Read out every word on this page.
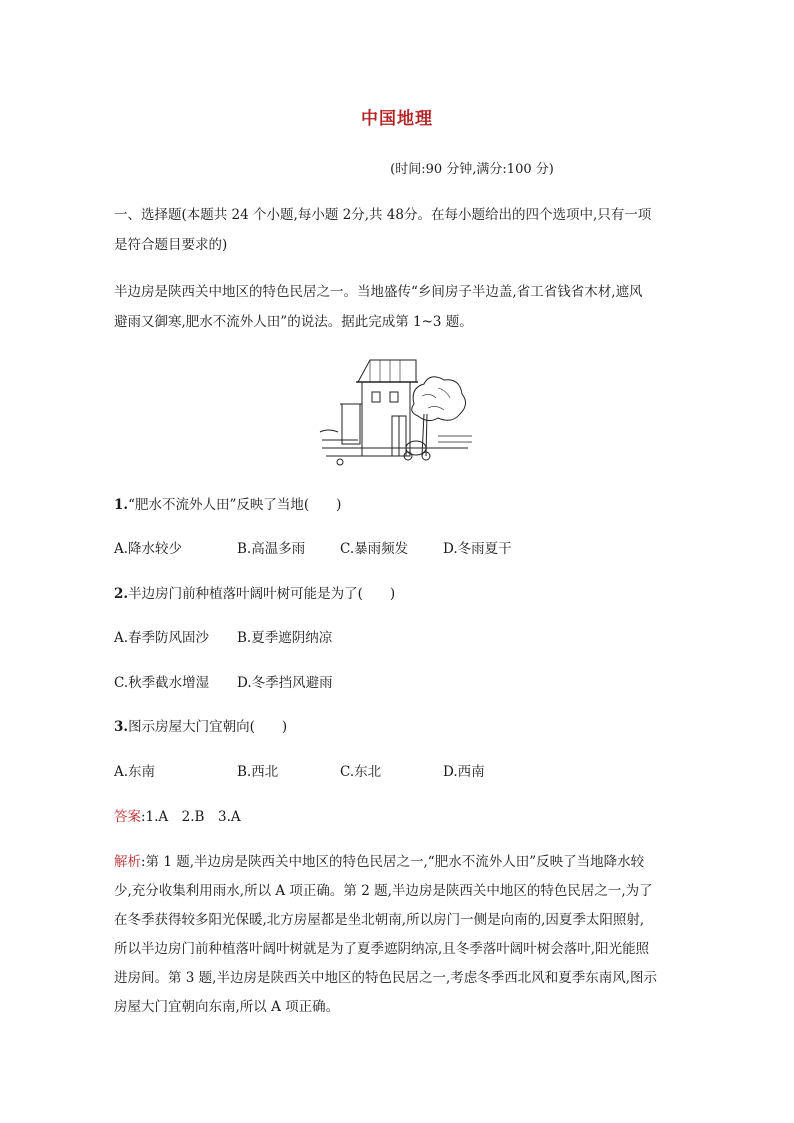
中国地理
(时间:90 分钟,满分:100 分)
一、选择题(本题共 24 个小题,每小题 2分,共 48分。在每小题给出的四个选项中,只有一项
是符合题目要求的)
半边房是陕西关中地区的特色民居之一。当地盛传“乡间房子半边盖,省工省钱省木材,遮风
避雨又御寒,肥水不流外人田”的说法。据此完成第 1~3 题。
1.“肥水不流外人田”反映了当地(　　)
A.降水较少	B.高温多雨	C.暴雨频发	D.冬雨夏干
2.半边房门前种植落叶阔叶树可能是为了(　　)
A.春季防风固沙 B.夏季遮阴纳凉
C.秋季截水增湿 D.冬季挡风避雨
3.图示房屋大门宜朝向(　　)
A.东南	B.西北	C.东北	D.西南
答案:1.A　2.B　3.A
解析:第 1 题,半边房是陕西关中地区的特色民居之一,“肥水不流外人田”反映了当地降水较
少,充分收集利用雨水,所以 A 项正确。第 2 题,半边房是陕西关中地区的特色民居之一,为了
在冬季获得较多阳光保暖,北方房屋都是坐北朝南,所以房门一侧是向南的,因夏季太阳照射,
所以半边房门前种植落叶阔叶树就是为了夏季遮阴纳凉,且冬季落叶阔叶树会落叶,阳光能照
进房间。第 3 题,半边房是陕西关中地区的特色民居之一,考虑冬季西北风和夏季东南风,图示
房屋大门宜朝向东南,所以 A 项正确。
